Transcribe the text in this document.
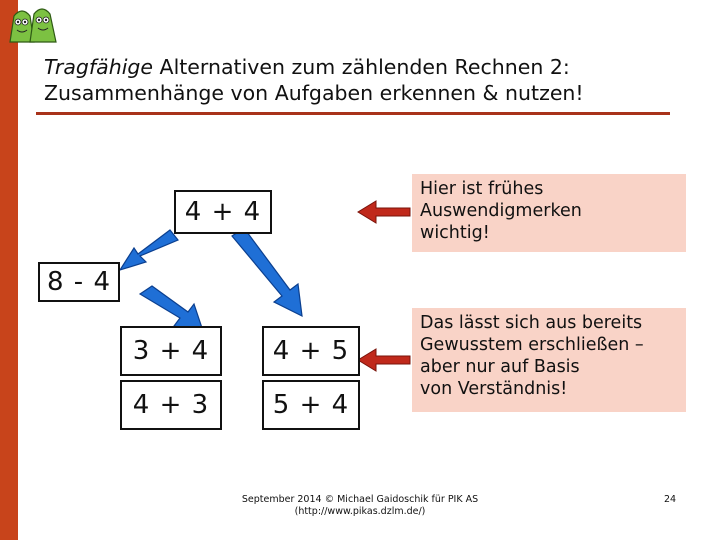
Tragfähige Alternativen zum zählenden Rechnen 2:
Zusammenhänge von Aufgaben erkennen & nutzen!
4 + 4
8 - 4
3 + 4	4 + 5
4 + 3	5 + 4
Hier ist frühes
Auswendigmerken
wichtig!
Das lässt sich aus bereits
Gewusstem erschließen –
aber nur auf Basis
von Verständnis!
September 2014 © Michael Gaidoschik für PIK AS
(http://www.pikas.dzlm.de/)
24
